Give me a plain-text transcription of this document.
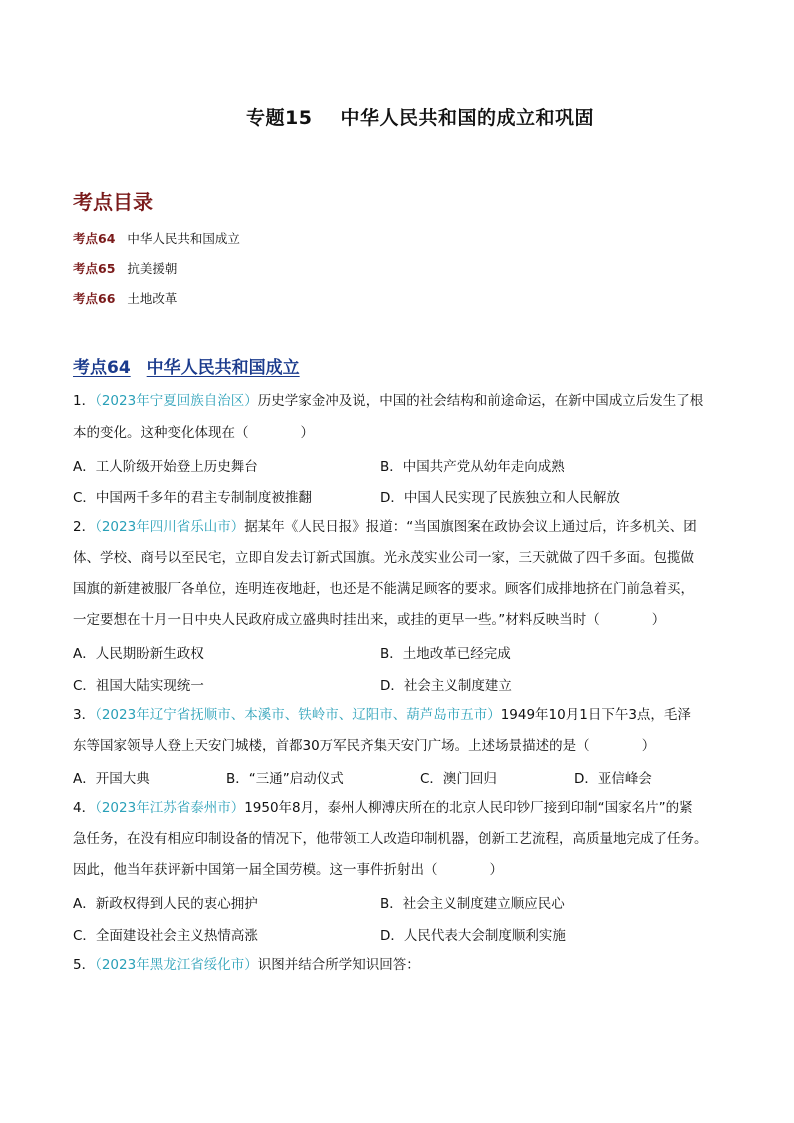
专题15 中华人民共和国的成立和巩固
考点目录
考点64 中华人民共和国成立
考点65 抗美援朝
考点66 土地改革
考点64 中华人民共和国成立
1．（2023年宁夏回族自治区）历史学家金冲及说，中国的社会结构和前途命运，在新中国成立后发生了根
本的变化。这种变化体现在（	）
A．工人阶级开始登上历史舞台	B．中国共产党从幼年走向成熟
C．中国两千多年的君主专制制度被推翻	D．中国人民实现了民族独立和人民解放
2．（2023年四川省乐山市）据某年《人民日报》报道：“当国旗图案在政协会议上通过后，许多机关、团
体、学校、商号以至民宅，立即自发去订新式国旗。光永茂实业公司一家，三天就做了四千多面。包揽做
国旗的新建被服厂各单位，连明连夜地赶，也还是不能满足顾客的要求。顾客们成排地挤在门前急着买，
一定要想在十月一日中央人民政府成立盛典时挂出来，或挂的更早一些。”材料反映当时（	）
A．人民期盼新生政权	B．土地改革已经完成
C．祖国大陆实现统一	D．社会主义制度建立
3．（2023年辽宁省抚顺市、本溪市、铁岭市、辽阳市、葫芦岛市五市）1949年10月1日下午3点，毛泽
东等国家领导人登上天安门城楼，首都30万军民齐集天安门广场。上述场景描述的是（	）
A．开国大典	B．“三通”启动仪式	C．澳门回归	D．亚信峰会
4．（2023年江苏省泰州市）1950年8月，泰州人柳溥庆所在的北京人民印钞厂接到印制“国家名片”的紧
急任务，在没有相应印制设备的情况下，他带领工人改造印制机器，创新工艺流程，高质量地完成了任务。
因此，他当年获评新中国第一届全国劳模。这一事件折射出（	）
A．新政权得到人民的衷心拥护	B．社会主义制度建立顺应民心
C．全面建设社会主义热情高涨	D．人民代表大会制度顺利实施
5．（2023年黑龙江省绥化市）识图并结合所学知识回答：
